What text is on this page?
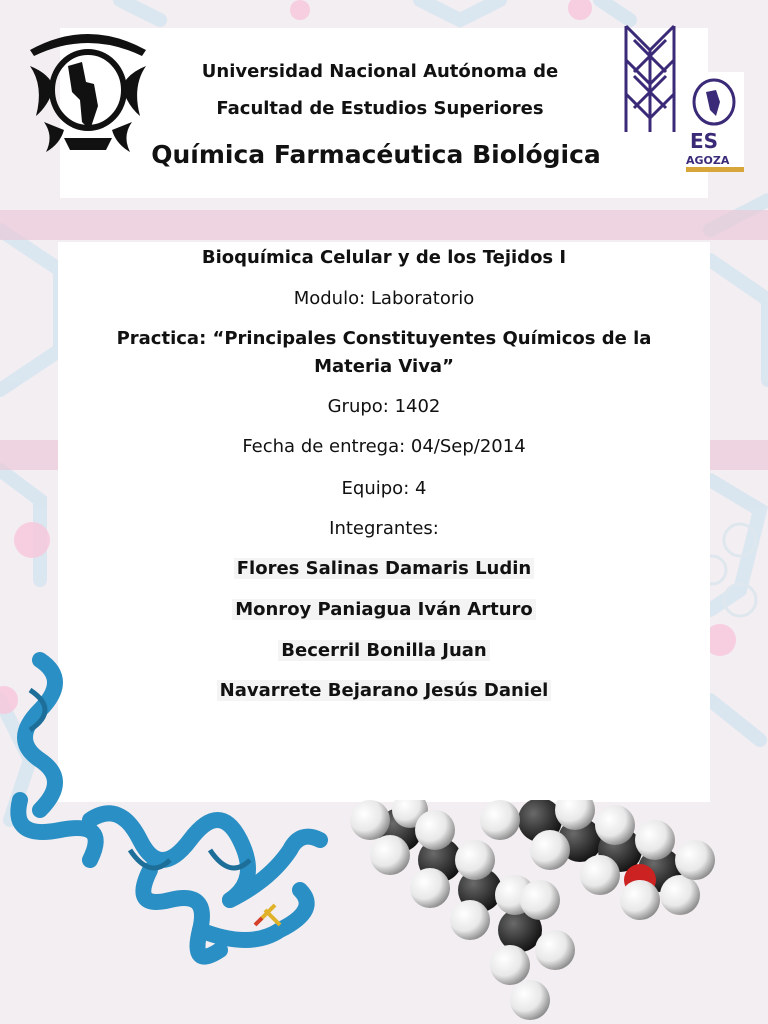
ES
AGOZA
Universidad Nacional Autónoma de
Facultad de Estudios Superiores
Química Farmacéutica Biológica
Bioquímica Celular y de los Tejidos I
Modulo: Laboratorio
Practica: “Principales Constituyentes Químicos de la
Materia Viva”
Grupo: 1402
Fecha de entrega: 04/Sep/2014
Equipo: 4
Integrantes:
Flores Salinas Damaris Ludin
Monroy Paniagua Iván Arturo
Becerril Bonilla Juan
Navarrete Bejarano Jesús Daniel
